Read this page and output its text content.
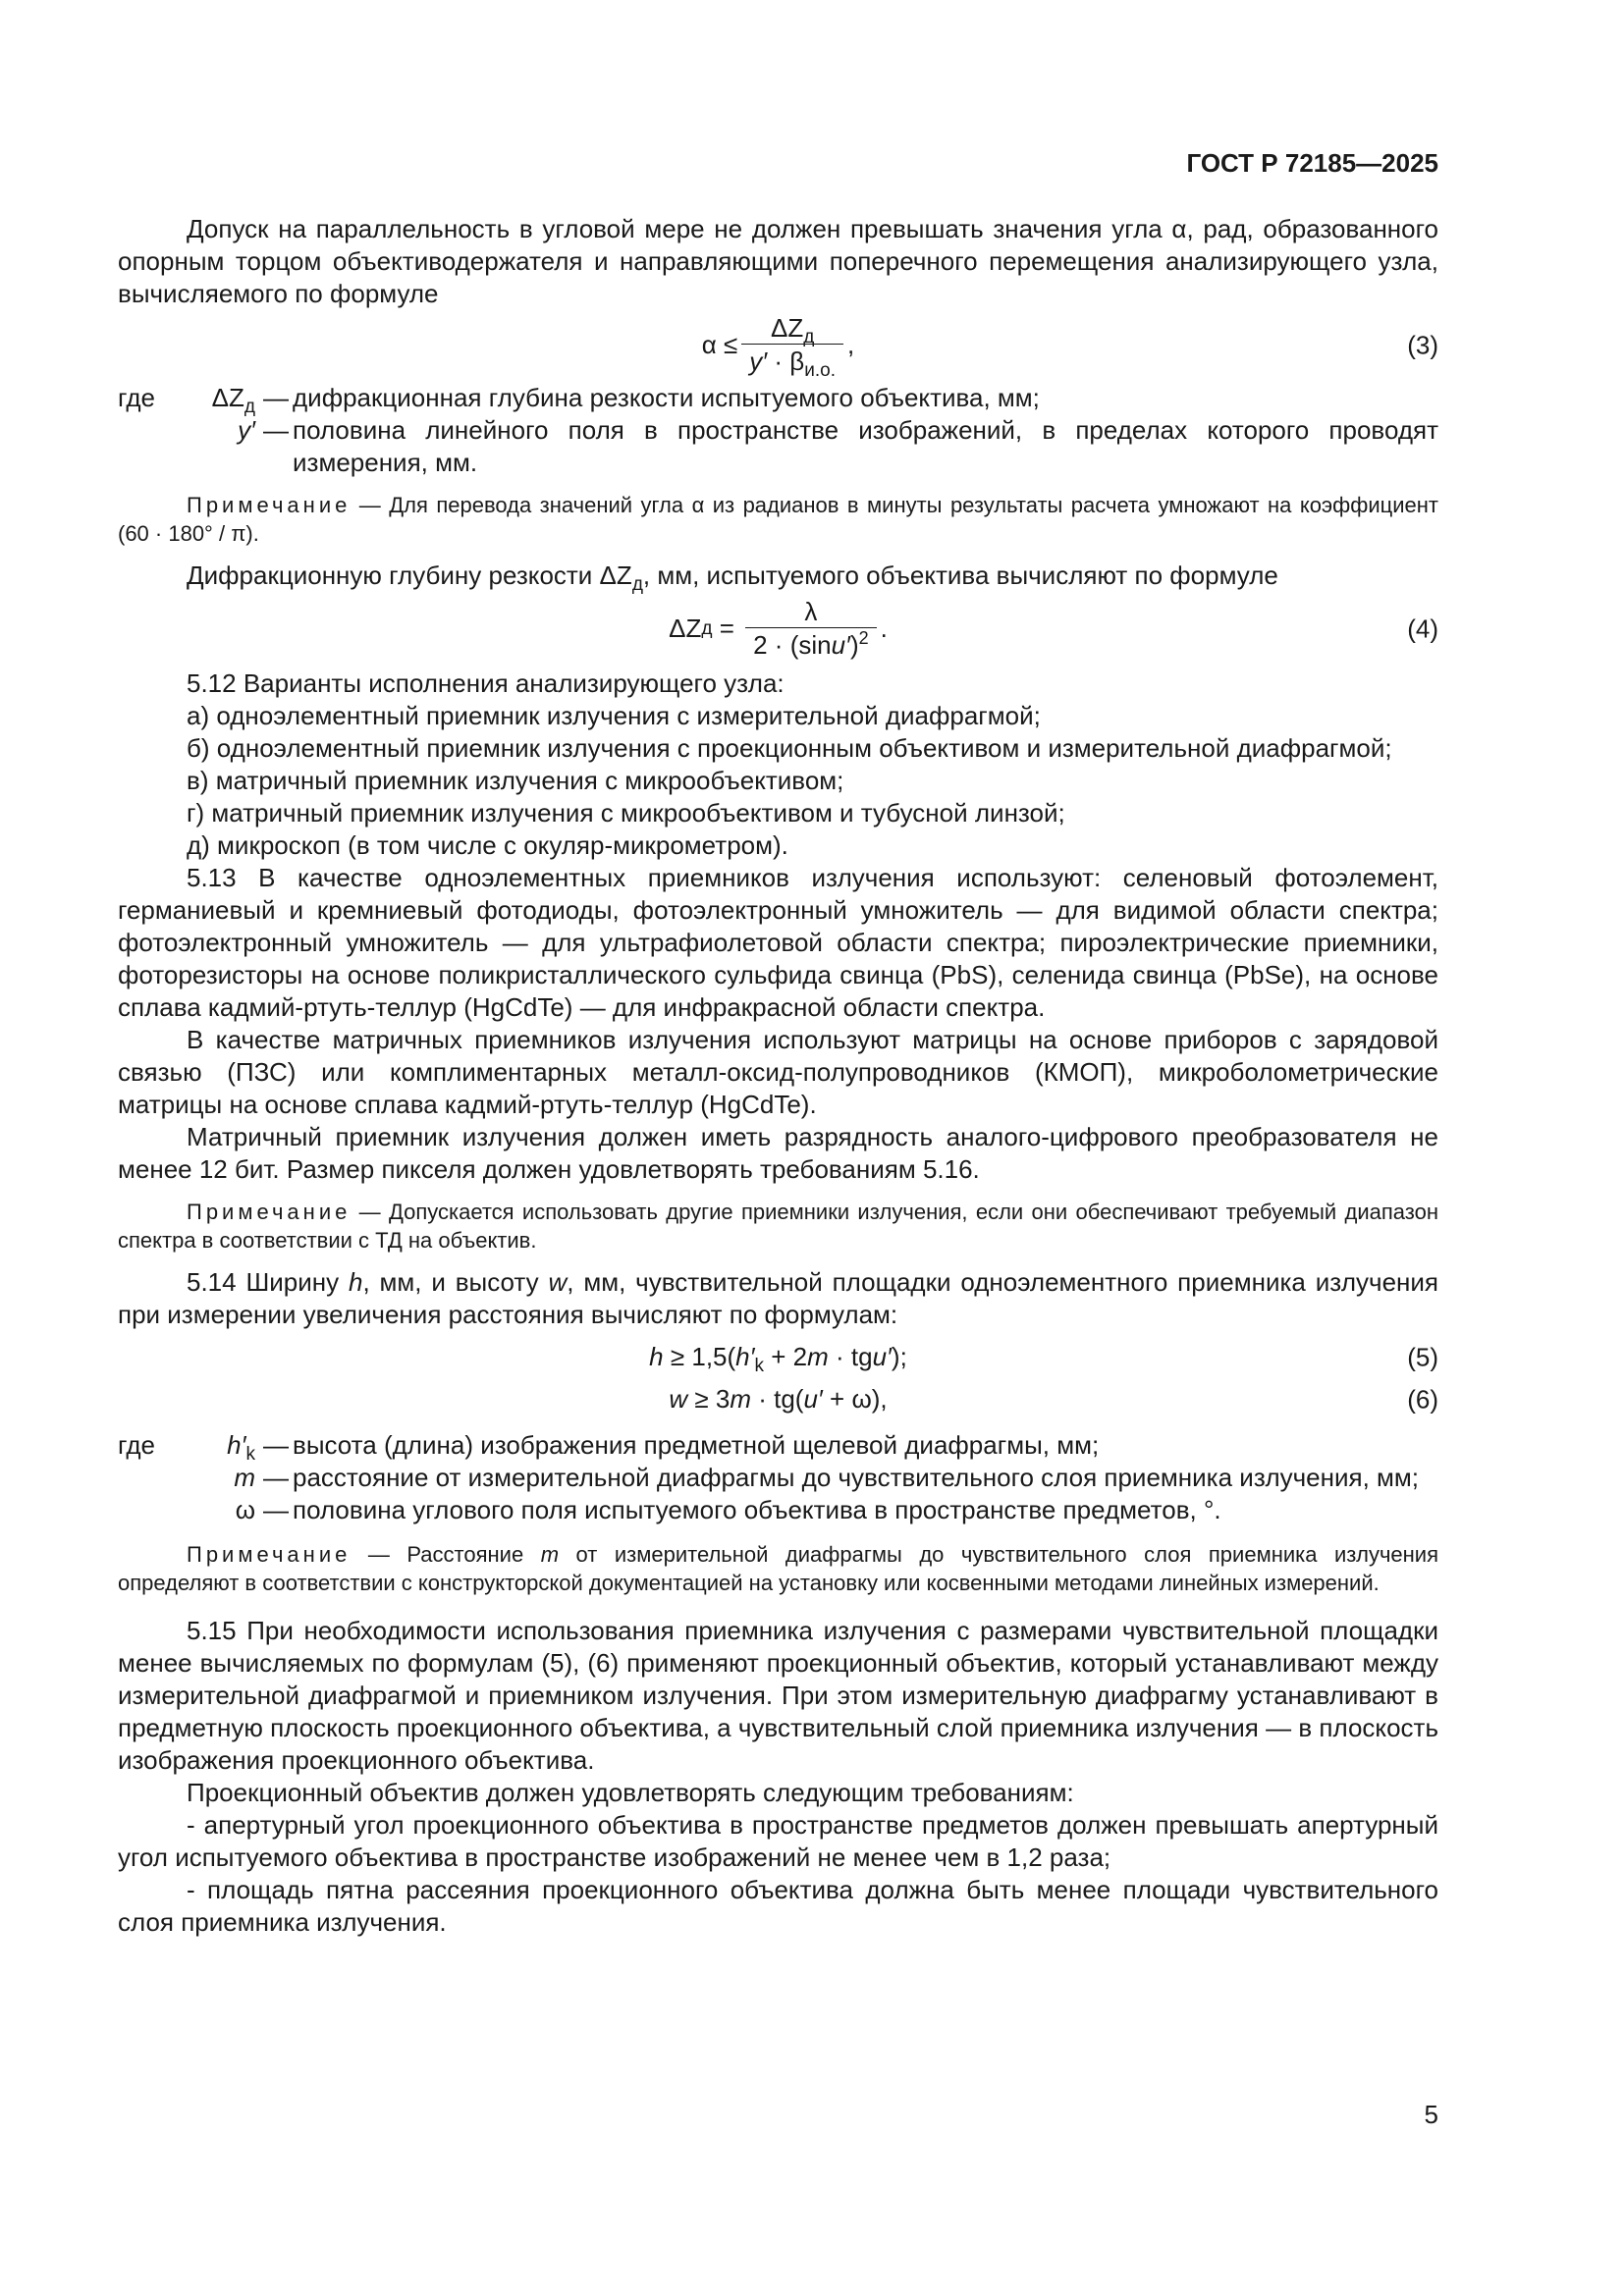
ГОСТ Р 72185—2025

Допуск на параллельность в угловой мере не должен превышать значения угла α, рад, образованного опорным торцом объективодержателя и направляющими поперечного перемещения анализирующего узла, вычисляемого по формуле

$\alpha \le \frac{\Delta Z_д}{y' \cdot \beta_{и.о.}}$ ,	(3)
где $\Delta Z_д$	—	дифракционная глубина резкости испытуемого объектива, мм;
y′	—	половина линейного поля в пространстве изображений, в пределах которого проводят измерения, мм.
Примечание — Для перевода значений угла α из радианов в минуты результаты расчета умножают на коэффициент (60 · 180° / π).

Дифракционную глубину резкости $\Delta Z_д$, мм, испытуемого объектива вычисляют по формуле

ΔZ $д = \frac{\lambda}{2 \cdot (\sin u')^2}$ .	(4)

5.12 Варианты исполнения анализирующего узла:

а) одноэлементный приемник излучения с измерительной диафрагмой;

б) одноэлементный приемник излучения с проекционным объективом и измерительной диафрагмой;

в) матричный приемник излучения с микрообъективом;

г) матричный приемник излучения с микрообъективом и тубусной линзой;

д) микроскоп (в том числе с окуляр-микрометром).

5.13 В качестве одноэлементных приемников излучения используют: селеновый фотоэлемент, германиевый и кремниевый фотодиоды, фотоэлектронный умножитель — для видимой области спектра; фотоэлектронный умножитель — для ультрафиолетовой области спектра; пироэлектрические приемники, фоторезисторы на основе поликристаллического сульфида свинца (PbS), селенида свинца (PbSe), на основе сплава кадмий-ртуть-теллур (HgCdTe) — для инфракрасной области спектра.

В качестве матричных приемников излучения используют матрицы на основе приборов с зарядовой связью (ПЗС) или комплиментарных металл-оксид-полупроводников (КМОП), микроболометрические матрицы на основе сплава кадмий-ртуть-теллур (HgCdTe).

Матричный приемник излучения должен иметь разрядность аналого-цифрового преобразователя не менее 12 бит. Размер пикселя должен удовлетворять требованиям 5.16.

Примечание — Допускается использовать другие приемники излучения, если они обеспечивают требуемый диапазон спектра в соответствии с ТД на объектив.

5.14 Ширину h, мм, и высоту w, мм, чувствительной площадки одноэлементного приемника излучения при измерении увеличения расстояния вычисляют по формулам:

$h \ge 1,5(h'_k + 2m \cdot tgu')$;	(5)
w ≥ 3m · tg(u′ + ω),	(6)
где $h'_k$	—	высота (длина) изображения предметной щелевой диафрагмы, мм;
m	—	расстояние от измерительной диафрагмы до чувствительного слоя приемника излучения, мм;
ω	—	половина углового поля испытуемого объектива в пространстве предметов, °.
Примечание — Расстояние m от измерительной диафрагмы до чувствительного слоя приемника излучения определяют в соответствии с конструкторской документацией на установку или косвенными методами линейных измерений.

5.15 При необходимости использования приемника излучения с размерами чувствительной площадки менее вычисляемых по формулам (5), (6) применяют проекционный объектив, который устанавливают между измерительной диафрагмой и приемником излучения. При этом измерительную диафрагму устанавливают в предметную плоскость проекционного объектива, а чувствительный слой приемника излучения — в плоскость изображения проекционного объектива.

Проекционный объектив должен удовлетворять следующим требованиям:

- апертурный угол проекционного объектива в пространстве предметов должен превышать апертурный угол испытуемого объектива в пространстве изображений не менее чем в 1,2 раза;

- площадь пятна рассеяния проекционного объектива должна быть менее площади чувствительного слоя приемника излучения.

5
